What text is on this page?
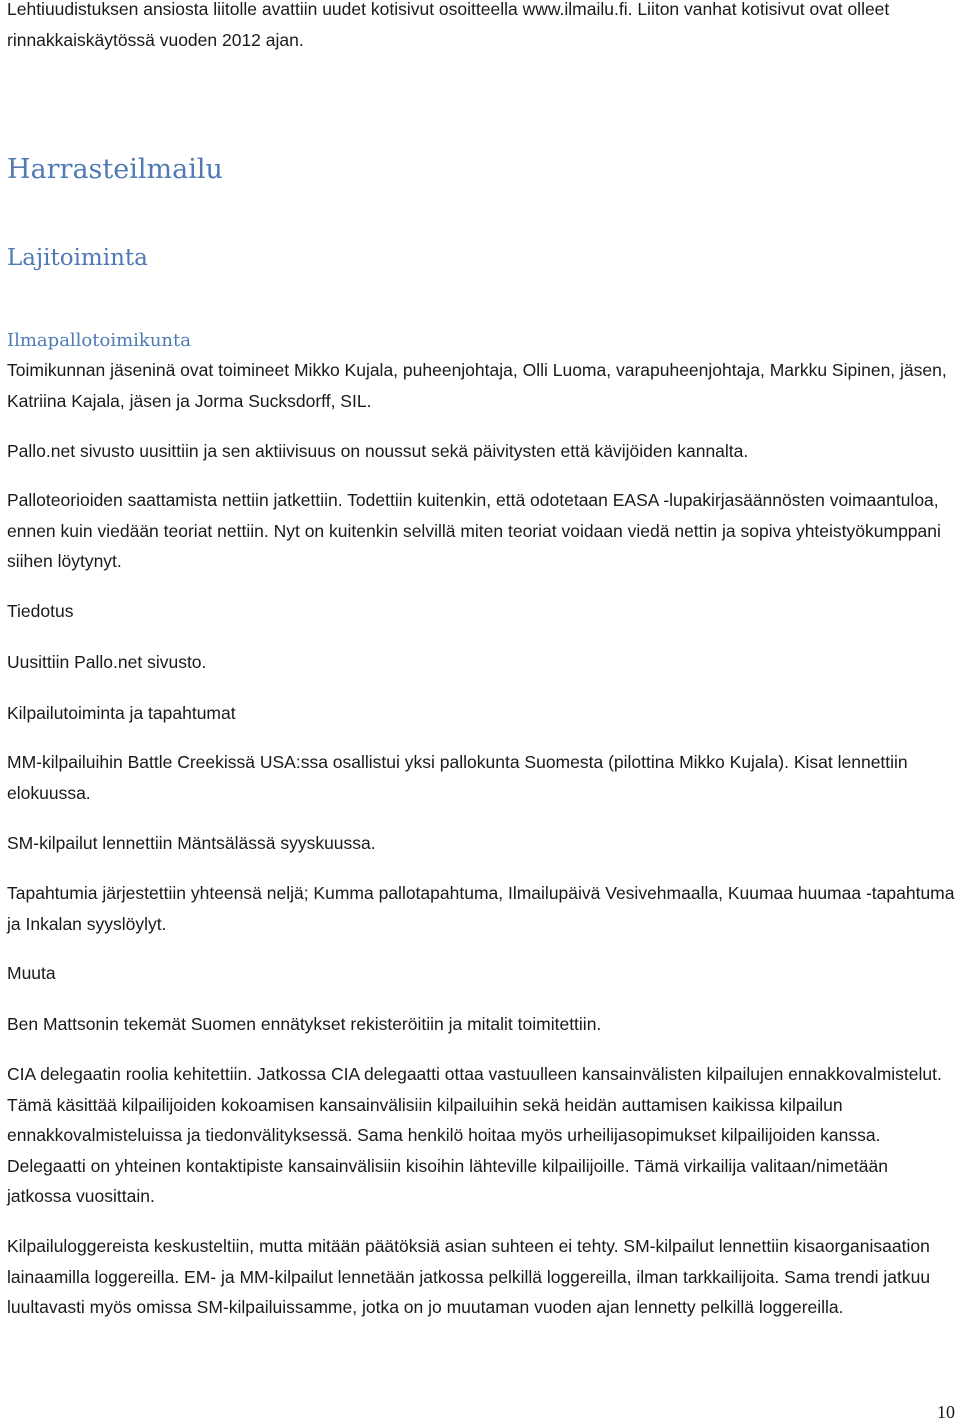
Lehtiuudistuksen ansiosta liitolle avattiin uudet kotisivut osoitteella www.ilmailu.fi. Liiton vanhat kotisivut ovat olleet rinnakkaiskäytössä vuoden 2012 ajan.

Harrasteilmailu
Lajitoiminta
Ilmapallotoimikunta

Toimikunnan jäseninä ovat toimineet Mikko Kujala, puheenjohtaja, Olli Luoma, varapuheenjohtaja, Markku Sipinen, jäsen, Katriina Kajala, jäsen ja Jorma Sucksdorff, SIL.

Pallo.net sivusto uusittiin ja sen aktiivisuus on noussut sekä päivitysten että kävijöiden kannalta.

Palloteorioiden saattamista nettiin jatkettiin. Todettiin kuitenkin, että odotetaan EASA -lupakirjasäännösten voimaantuloa, ennen kuin viedään teoriat nettiin. Nyt on kuitenkin selvillä miten teoriat voidaan viedä nettin ja sopiva yhteistyökumppani siihen löytynyt.

Tiedotus

Uusittiin Pallo.net sivusto.

Kilpailutoiminta ja tapahtumat

MM-kilpailuihin Battle Creekissä USA:ssa osallistui yksi pallokunta Suomesta (pilottina Mikko Kujala). Kisat lennettiin elokuussa.

SM-kilpailut lennettiin Mäntsälässä syyskuussa.

Tapahtumia järjestettiin yhteensä neljä; Kumma pallotapahtuma, Ilmailupäivä Vesivehmaalla, Kuumaa huumaa -tapahtuma ja Inkalan syyslöylyt.

Muuta

Ben Mattsonin tekemät Suomen ennätykset rekisteröitiin ja mitalit toimitettiin.

CIA delegaatin roolia kehitettiin. Jatkossa CIA delegaatti ottaa vastuulleen kansainvälisten kilpailujen ennakkovalmistelut. Tämä käsittää kilpailijoiden kokoamisen kansainvälisiin kilpailuihin sekä heidän auttamisen kaikissa kilpailun ennakkovalmisteluissa ja tiedonvälityksessä. Sama henkilö hoitaa myös urheilijasopimukset kilpailijoiden kanssa. Delegaatti on yhteinen kontaktipiste kansainvälisiin kisoihin lähteville kilpailijoille. Tämä virkailija valitaan/nimetään jatkossa vuosittain.

Kilpailuloggereista keskusteltiin, mutta mitään päätöksiä asian suhteen ei tehty. SM-kilpailut lennettiin kisaorganisaation lainaamilla loggereilla. EM- ja MM-kilpailut lennetään jatkossa pelkillä loggereilla, ilman tarkkailijoita. Sama trendi jatkuu luultavasti myös omissa SM-kilpailuissamme, jotka on jo muutaman vuoden ajan lennetty pelkillä loggereilla.

10
